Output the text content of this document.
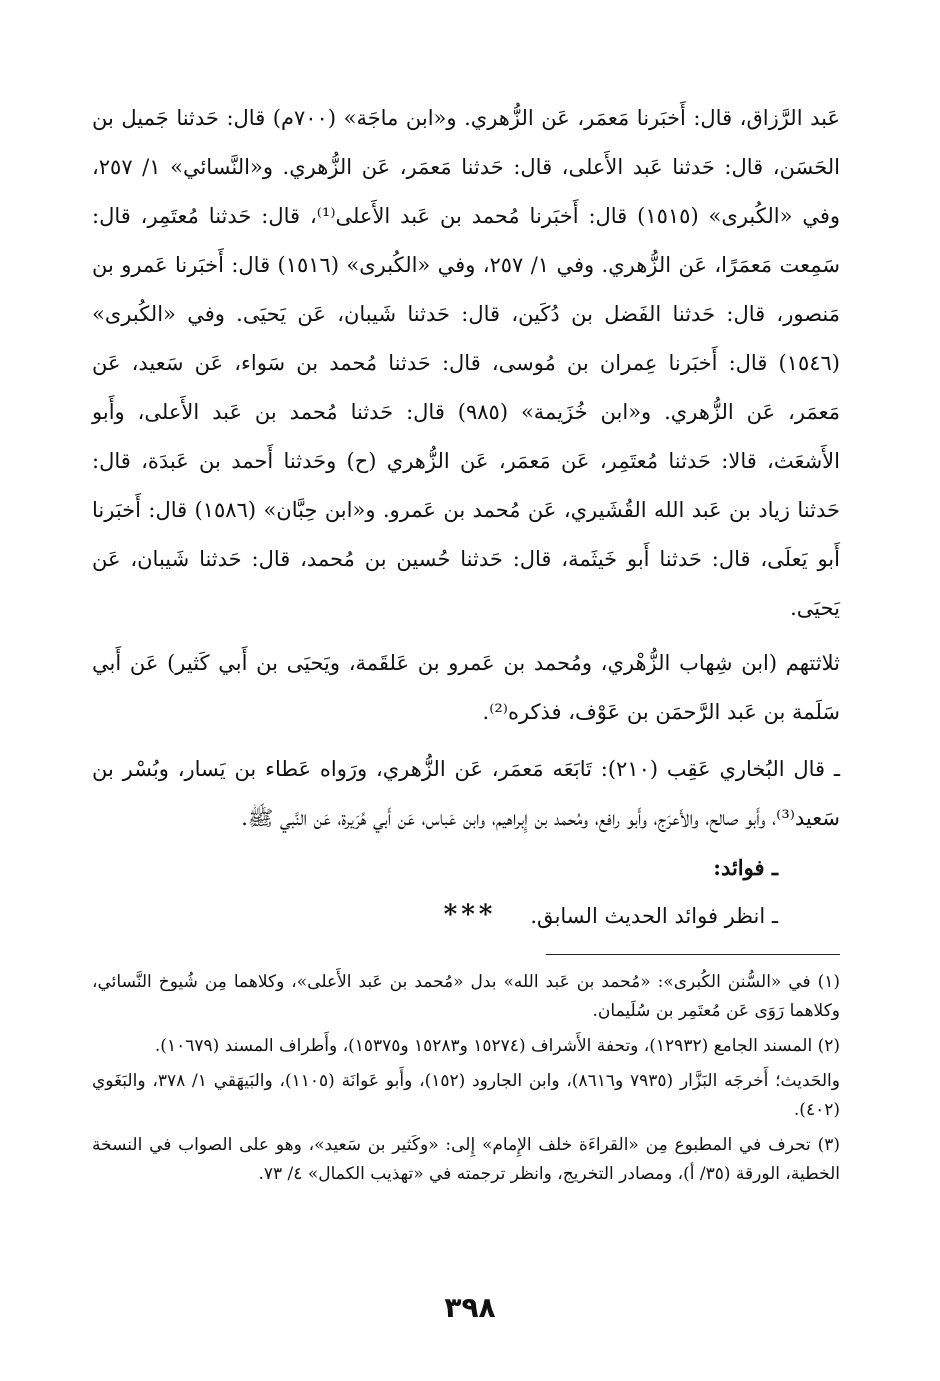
عَبد الرَّزاق، قال: أَخبَرنا مَعمَر، عَن الزُّهري. و«ابن ماجَة» (٧٠٠م) قال: حَدثنا جَميل بن الحَسَن، قال: حَدثنا عَبد الأَعلى، قال: حَدثنا مَعمَر، عَن الزُّهري. و«النَّسائي» ١/ ٢٥٧، وفي «الكُبرى» (١٥١٥) قال: أَخبَرنا مُحمد بن عَبد الأَعلى⁽¹⁾، قال: حَدثنا مُعتَمِر، قال: سَمِعت مَعمَرًا، عَن الزُّهري. وفي ١/ ٢٥٧، وفي «الكُبرى» (١٥١٦) قال: أَخبَرنا عَمرو بن مَنصور، قال: حَدثنا الفَضل بن دُكَين، قال: حَدثنا شَيبان، عَن يَحيَى. وفي «الكُبرى» (١٥٤٦) قال: أَخبَرنا عِمران بن مُوسى، قال: حَدثنا مُحمد بن سَواء، عَن سَعيد، عَن مَعمَر، عَن الزُّهري. و«ابن خُزَيمة» (٩٨٥) قال: حَدثنا مُحمد بن عَبد الأَعلى، وأَبو الأَشعَث، قالا: حَدثنا مُعتَمِر، عَن مَعمَر، عَن الزُّهري (ح) وحَدثنا أَحمد بن عَبدَة، قال: حَدثنا زياد بن عَبد الله القُشَيري، عَن مُحمد بن عَمرو. و«ابن حِبَّان» (١٥٨٦) قال: أَخبَرنا أَبو يَعلَى، قال: حَدثنا أَبو خَيثَمة، قال: حَدثنا حُسين بن مُحمد، قال: حَدثنا شَيبان، عَن يَحيَى.

ثلاثتهم (ابن شِهاب الزُّهْري، ومُحمد بن عَمرو بن عَلقَمة، ويَحيَى بن أَبي كَثير) عَن أَبي سَلَمة بن عَبد الرَّحمَن بن عَوْف، فذكره⁽²⁾.

ـ قال البُخاري عَقِب (٢١٠): تَابَعَه مَعمَر، عَن الزُّهري، ورَواه عَطاء بن يَسار، وبُسْر بن سَعيد⁽³⁾، وأَبو صالح، والأَعرَج، وأَبو رافع، ومُحمد بن إِبراهيم، وابن عَباس، عَن أَبي هُرَيرة، عَن النَّبي ﷺ.

ـ فوائد:

ـ انظر فوائد الحديث السابق.

***

(١) في «السُّنن الكُبرى»: «مُحمد بن عَبد الله» بدل «مُحمد بن عَبد الأَعلى»، وكلاهما مِن شُيوخ النَّسائي، وكلاهما رَوَى عَن مُعتَمِر بن سُلَيمان.

(٢) المسند الجامع (١٢٩٣٢)، وتحفة الأَشراف (١٥٢٧٤ و١٥٢٨٣ و١٥٣٧٥)، وأَطراف المسند (١٠٦٧٩).

والحَديث؛ أَخرجَه البَزَّار (٧٩٣٥ و٨٦١٦)، وابن الجارود (١٥٢)، وأَبو عَوانَة (١١٠٥)، والبَيهَقي ١/ ٣٧٨، والبَغَوي (٤٠٢).

(٣) تحرف في المطبوع مِن «القراءَة خلف الإِمام» إِلى: «وكَثير بن سَعيد»، وهو على الصواب في النسخة الخطية، الورقة (٣٥/ أ)، ومصادر التخريج، وانظر ترجمته في «تهذيب الكمال» ٤/ ٧٣.

٣٩٨
